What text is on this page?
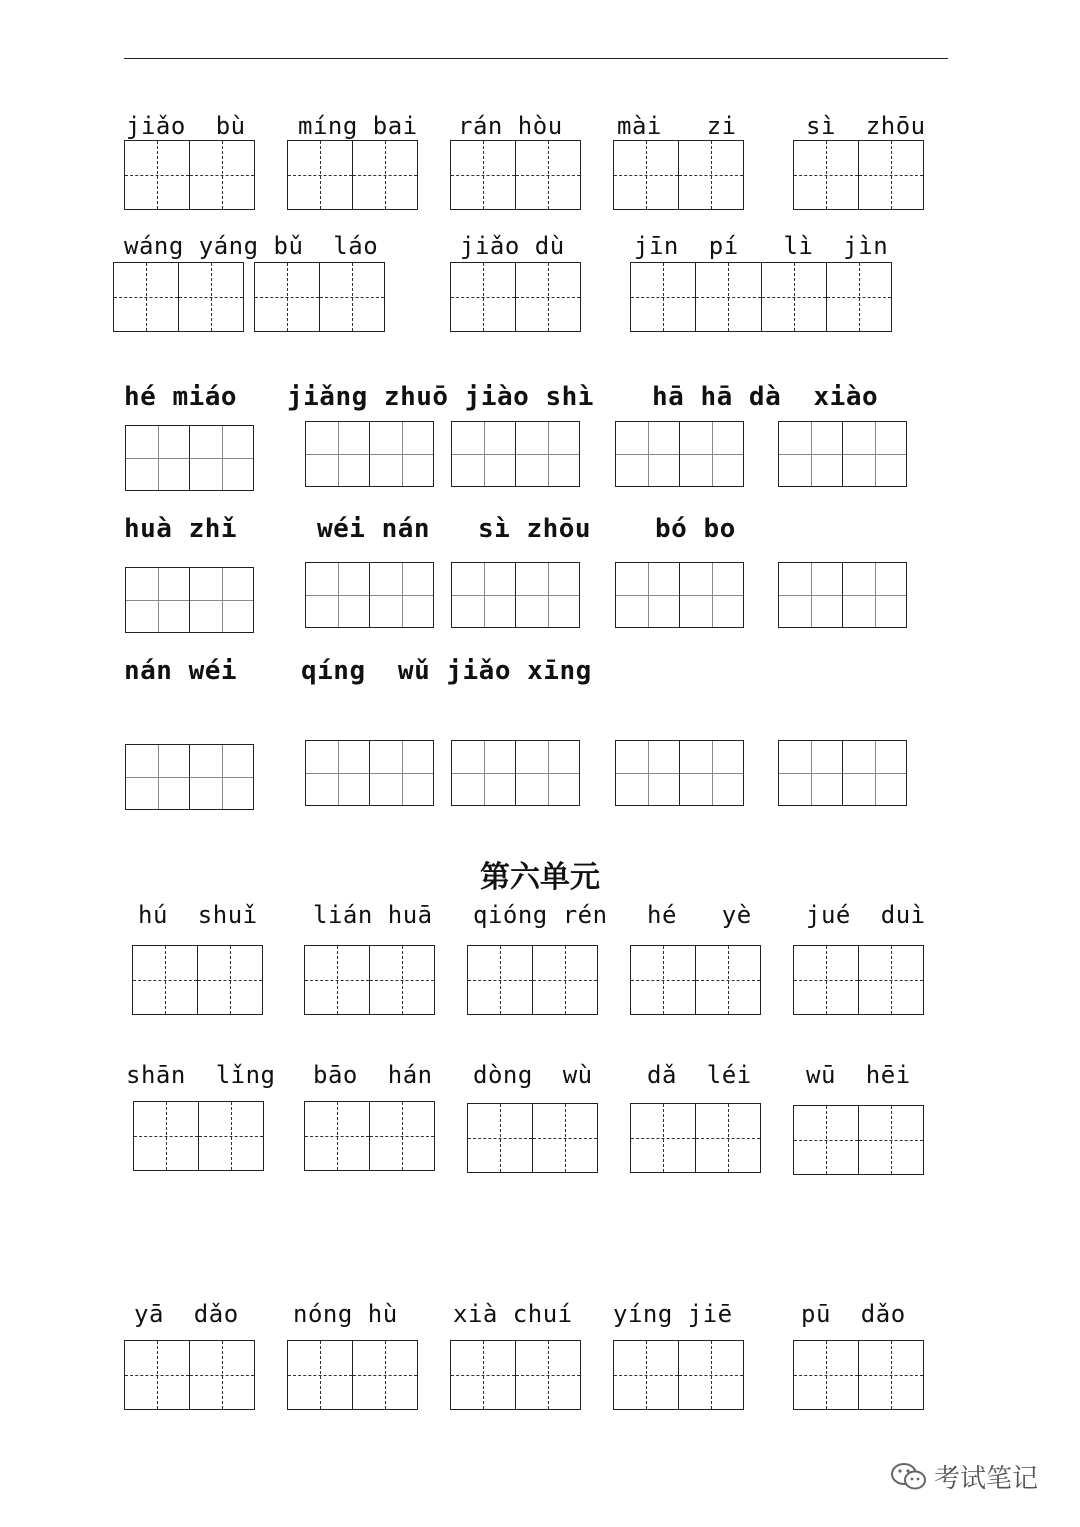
jiǎo  bù míng bai rán hòu mài   zi	sì  zhōu
wáng yáng bǔ  láo	jiǎo dù	jīn  pí   lì  jìn
hé miáo jiǎng zhuō jiào shì hā hā dà  xiào
huà zhǐ	wéi nán sì zhōu bó bo
nán wéi qíng  wǔ jiǎo xīng
第六单元
hú  shuǐ lián huā qióng rén hé   yè jué  duì
shān  lǐng bāo  hán dòng  wù dǎ  léi wū  hēi
yā  dǎo nóng hù xià chuí yíng jiē	pū  dǎo
考试笔记
